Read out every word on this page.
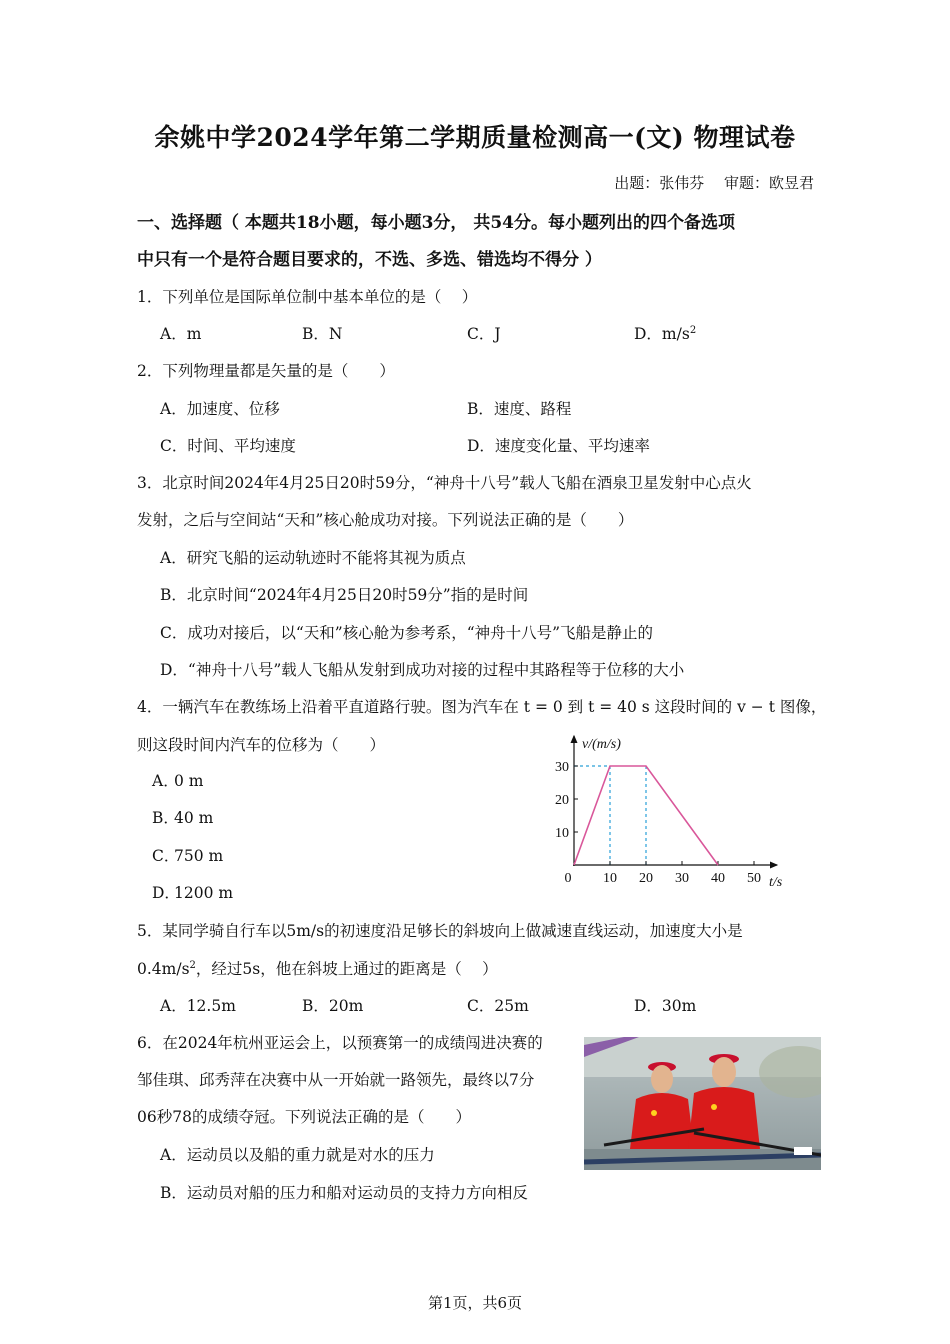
余姚中学2024学年第二学期质量检测高一(文) 物理试卷
出题：张伟芬　 审题：欧昱君
一、选择题（ 本题共18小题，每小题3分， 共54分。每小题列出的四个备选项
中只有一个是符合题目要求的，不选、多选、错选均不得分 ）
1．下列单位是国际单位制中基本单位的是（　 ）
A．m	B．N	C．J	D．$m/s^2$
2．下列物理量都是矢量的是（　　）
A．加速度、位移	B．速度、路程
C．时间、平均速度	D．速度变化量、平均速率
3．北京时间2024年4月25日20时59分，“神舟十八号”载人飞船在酒泉卫星发射中心点火
发射，之后与空间站“天和”核心舱成功对接。下列说法正确的是（　　）
A．研究飞船的运动轨迹时不能将其视为质点
B．北京时间“2024年4月25日20时59分”指的是时间
C．成功对接后，以“天和”核心舱为参考系，“神舟十八号”飞船是静止的
D．“神舟十八号”载人飞船从发射到成功对接的过程中其路程等于位移的大小
4．一辆汽车在教练场上沿着平直道路行驶。图为汽车在 t = 0 到 t = 40 s 这段时间的 v − t 图像，
则这段时间内汽车的位移为（　　）
A．0 m
B．40 m
C．750 m
D．1200 m
0 10 20 30 40 50
10
20
30
v/(m/s)
t/s
5．某同学骑自行车以5m/s的初速度沿足够长的斜坡向上做减速直线运动，加速度大小是
$0.4m/s^2$，经过5s，他在斜坡上通过的距离是（　 ）
A．12.5m	B．20m	C．25m	D．30m
6．在2024年杭州亚运会上，以预赛第一的成绩闯进决赛的
邹佳琪、邱秀萍在决赛中从一开始就一路领先，最终以7分
06秒78的成绩夺冠。下列说法正确的是（　　）
A．运动员以及船的重力就是对水的压力
B．运动员对船的压力和船对运动员的支持力方向相反
第1页，共6页
